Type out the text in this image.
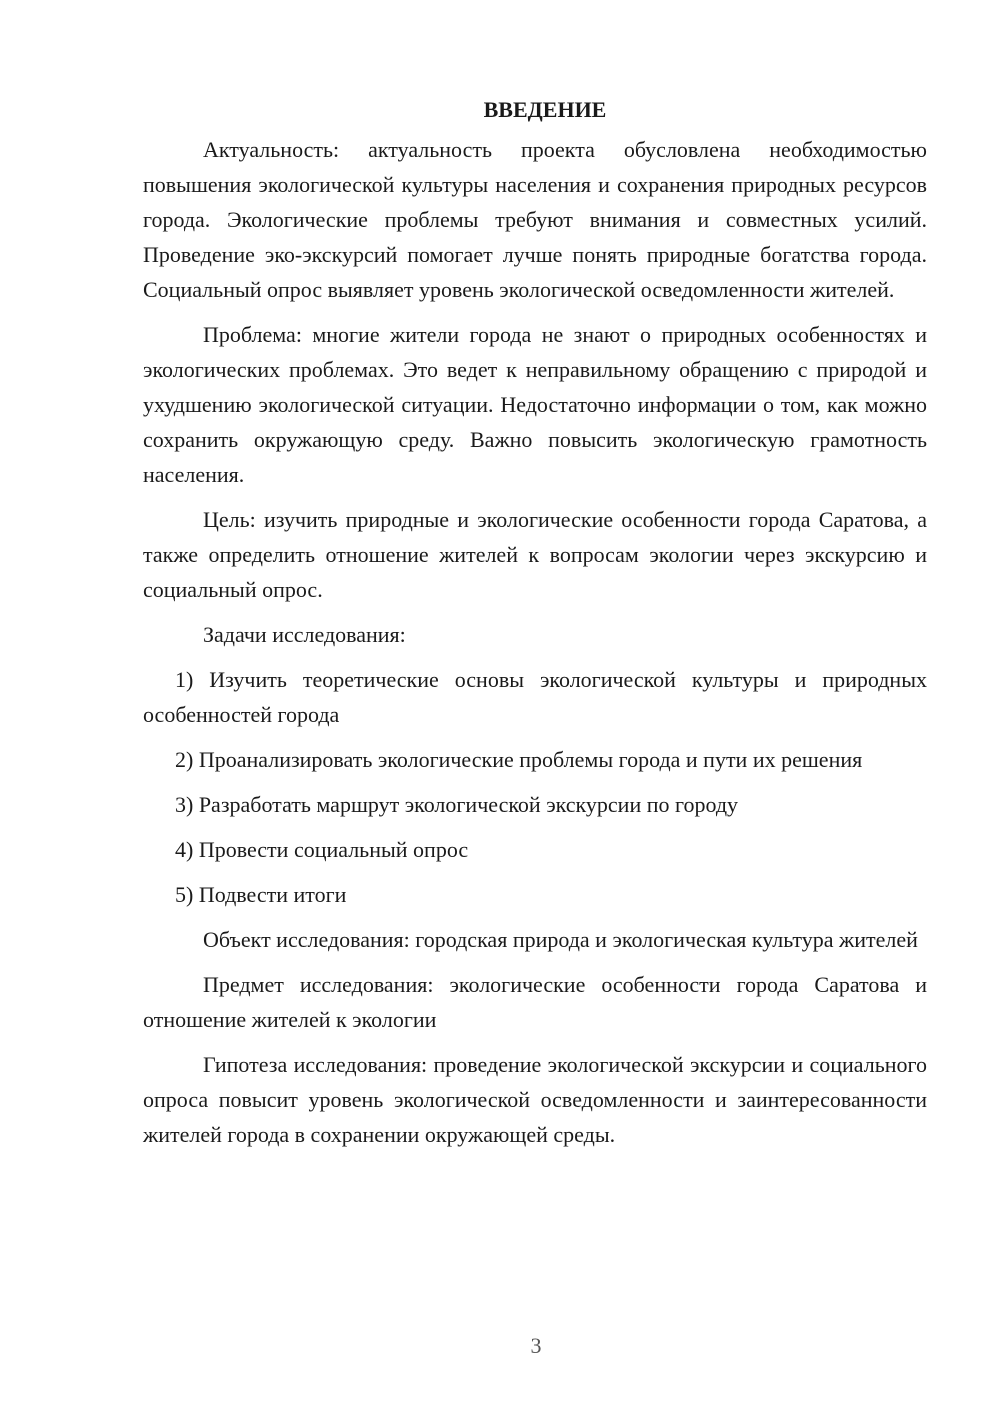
ВВЕДЕНИЕ

Актуальность: актуальность проекта обусловлена необходимостью повышения экологической культуры населения и сохранения природных ресурсов города. Экологические проблемы требуют внимания и совместных усилий. Проведение эко-экскурсий помогает лучше понять природные богатства города. Социальный опрос выявляет уровень экологической осведомленности жителей.

Проблема: многие жители города не знают о природных особенностях и экологических проблемах. Это ведет к неправильному обращению с природой и ухудшению экологической ситуации. Недостаточно информации о том, как можно сохранить окружающую среду. Важно повысить экологическую грамотность населения.

Цель: изучить природные и экологические особенности города Саратова, а также определить отношение жителей к вопросам экологии через экскурсию и социальный опрос.

Задачи исследования:

1) Изучить теоретические основы экологической культуры и природных особенностей города

2) Проанализировать экологические проблемы города и пути их решения

3) Разработать маршрут экологической экскурсии по городу

4) Провести социальный опрос

5) Подвести итоги

Объект исследования: городская природа и экологическая культура жителей

Предмет исследования: экологические особенности города Саратова и отношение жителей к экологии

Гипотеза исследования: проведение экологической экскурсии и социального опроса повысит уровень экологической осведомленности и заинтересованности жителей города в сохранении окружающей среды.

3
